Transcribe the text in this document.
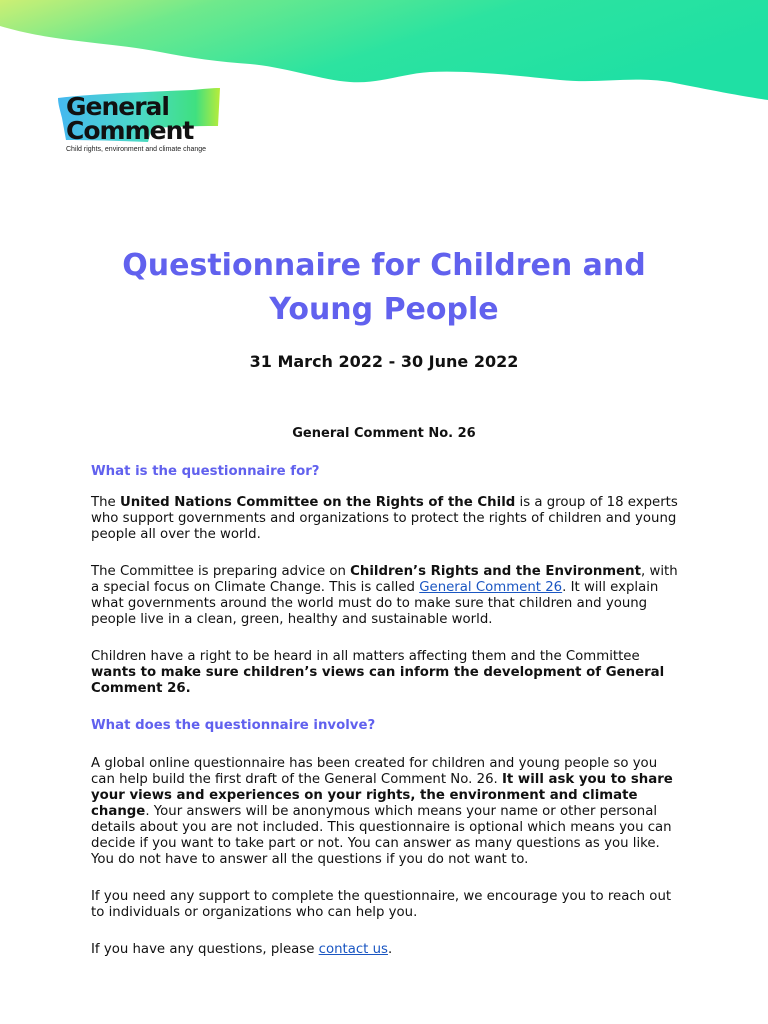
General
Comment
Child rights, environment and climate change
Questionnaire for Children and Young People

31 March 2022 - 30 June 2022

General Comment No. 26

What is the questionnaire for?

The United Nations Committee on the Rights of the Child is a group of 18 experts who support governments and organizations to protect the rights of children and young people all over the world.

The Committee is preparing advice on Children’s Rights and the Environment, with a special focus on Climate Change. This is called General Comment 26. It will explain what governments around the world must do to make sure that children and young people live in a clean, green, healthy and sustainable world.

Children have a right to be heard in all matters affecting them and the Committee wants to make sure children’s views can inform the development of General Comment 26.

What does the questionnaire involve?

A global online questionnaire has been created for children and young people so you can help build the first draft of the General Comment No. 26. It will ask you to share your views and experiences on your rights, the environment and climate change. Your answers will be anonymous which means your name or other personal details about you are not included. This questionnaire is optional which means you can decide if you want to take part or not. You can answer as many questions as you like. You do not have to answer all the questions if you do not want to.

If you need any support to complete the questionnaire, we encourage you to reach out to individuals or organizations who can help you.

If you have any questions, please contact us.
